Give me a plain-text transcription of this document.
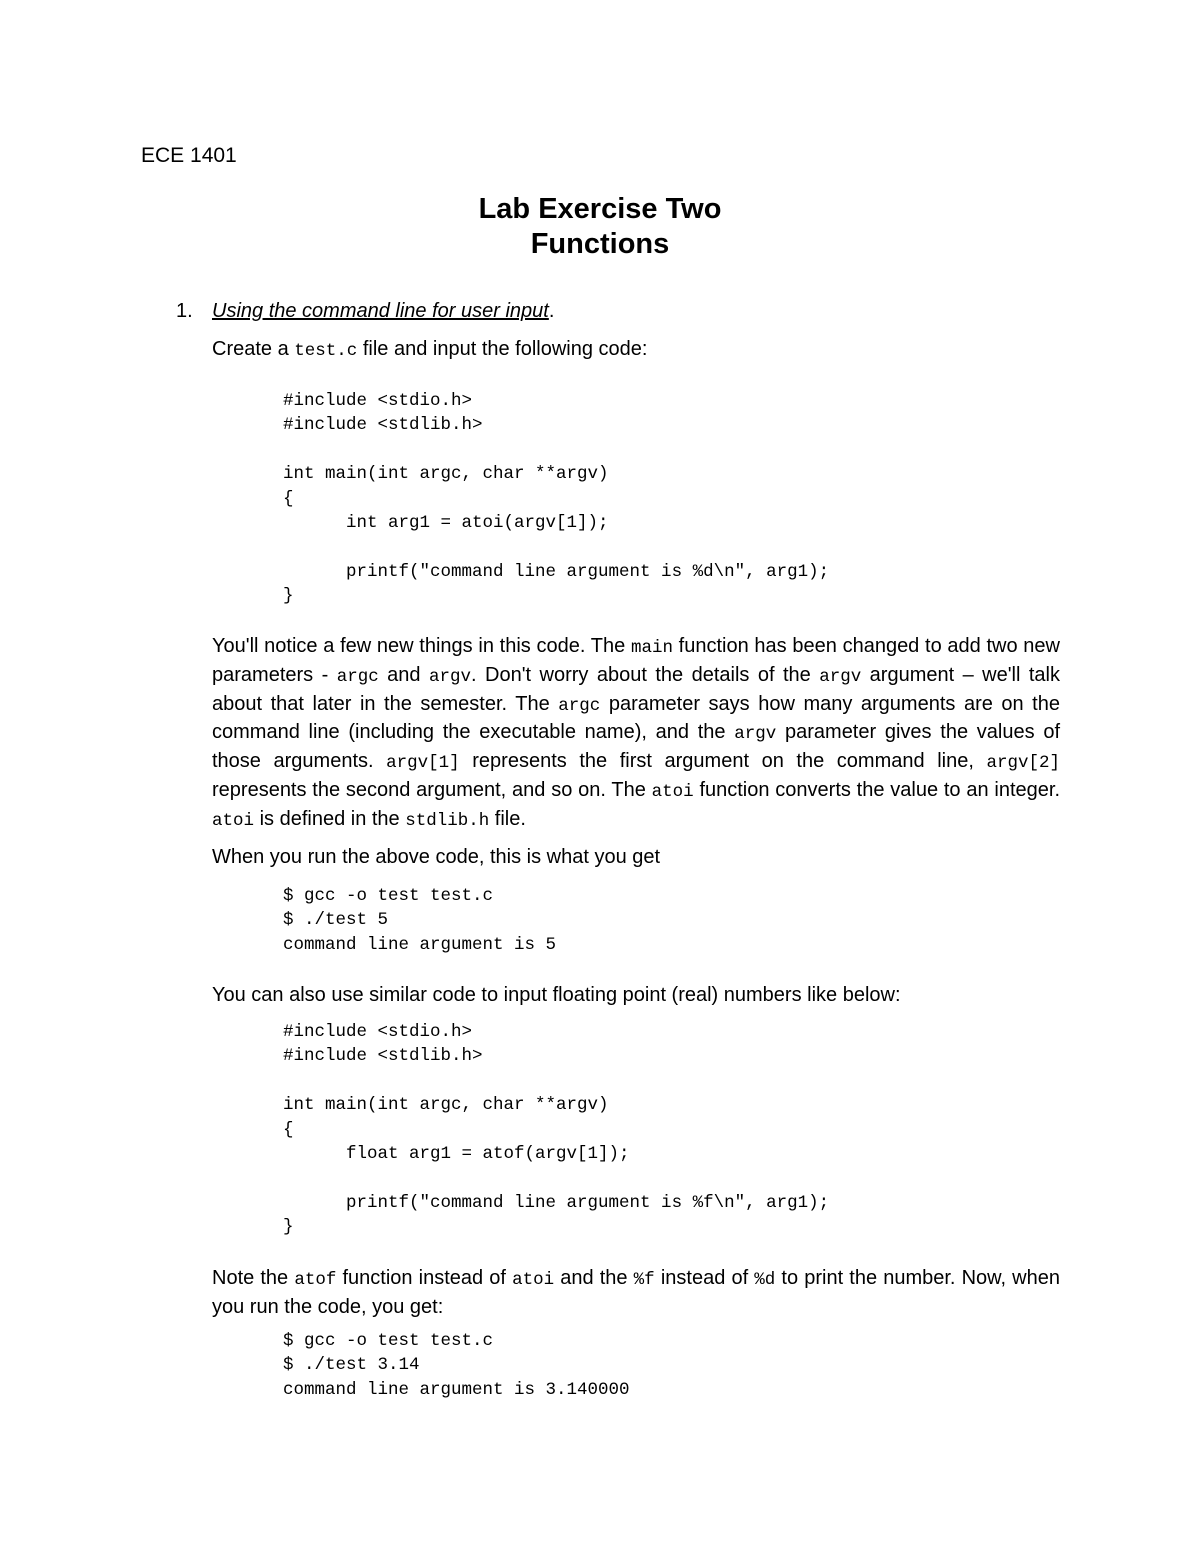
ECE 1401
Lab Exercise Two
Functions
1. Using the command line for user input.
Create a test.c file and input the following code:
#include <stdio.h>
#include <stdlib.h>

int main(int argc, char **argv)
{
int arg1 = atoi(argv[1]);

printf("command line argument is %d\n", arg1);
}
You'll notice a few new things in this code. The main function has been changed to add two new parameters - argc and argv. Don't worry about the details of the argv argument – we'll talk about that later in the semester. The argc parameter says how many arguments are on the command line (including the executable name), and the argv parameter gives the values of those arguments. argv[1] represents the first argument on the command line, argv[2] represents the second argument, and so on. The atoi function converts the value to an integer. atoi is defined in the stdlib.h file.
When you run the above code, this is what you get
$ gcc -o test test.c
$ ./test 5
command line argument is 5
You can also use similar code to input floating point (real) numbers like below:
#include <stdio.h>
#include <stdlib.h>

int main(int argc, char **argv)
{
float arg1 = atof(argv[1]);

printf("command line argument is %f\n", arg1);
}
Note the atof function instead of atoi and the %f instead of %d to print the number. Now, when you run the code, you get:
$ gcc -o test test.c
$ ./test 3.14
command line argument is 3.140000
